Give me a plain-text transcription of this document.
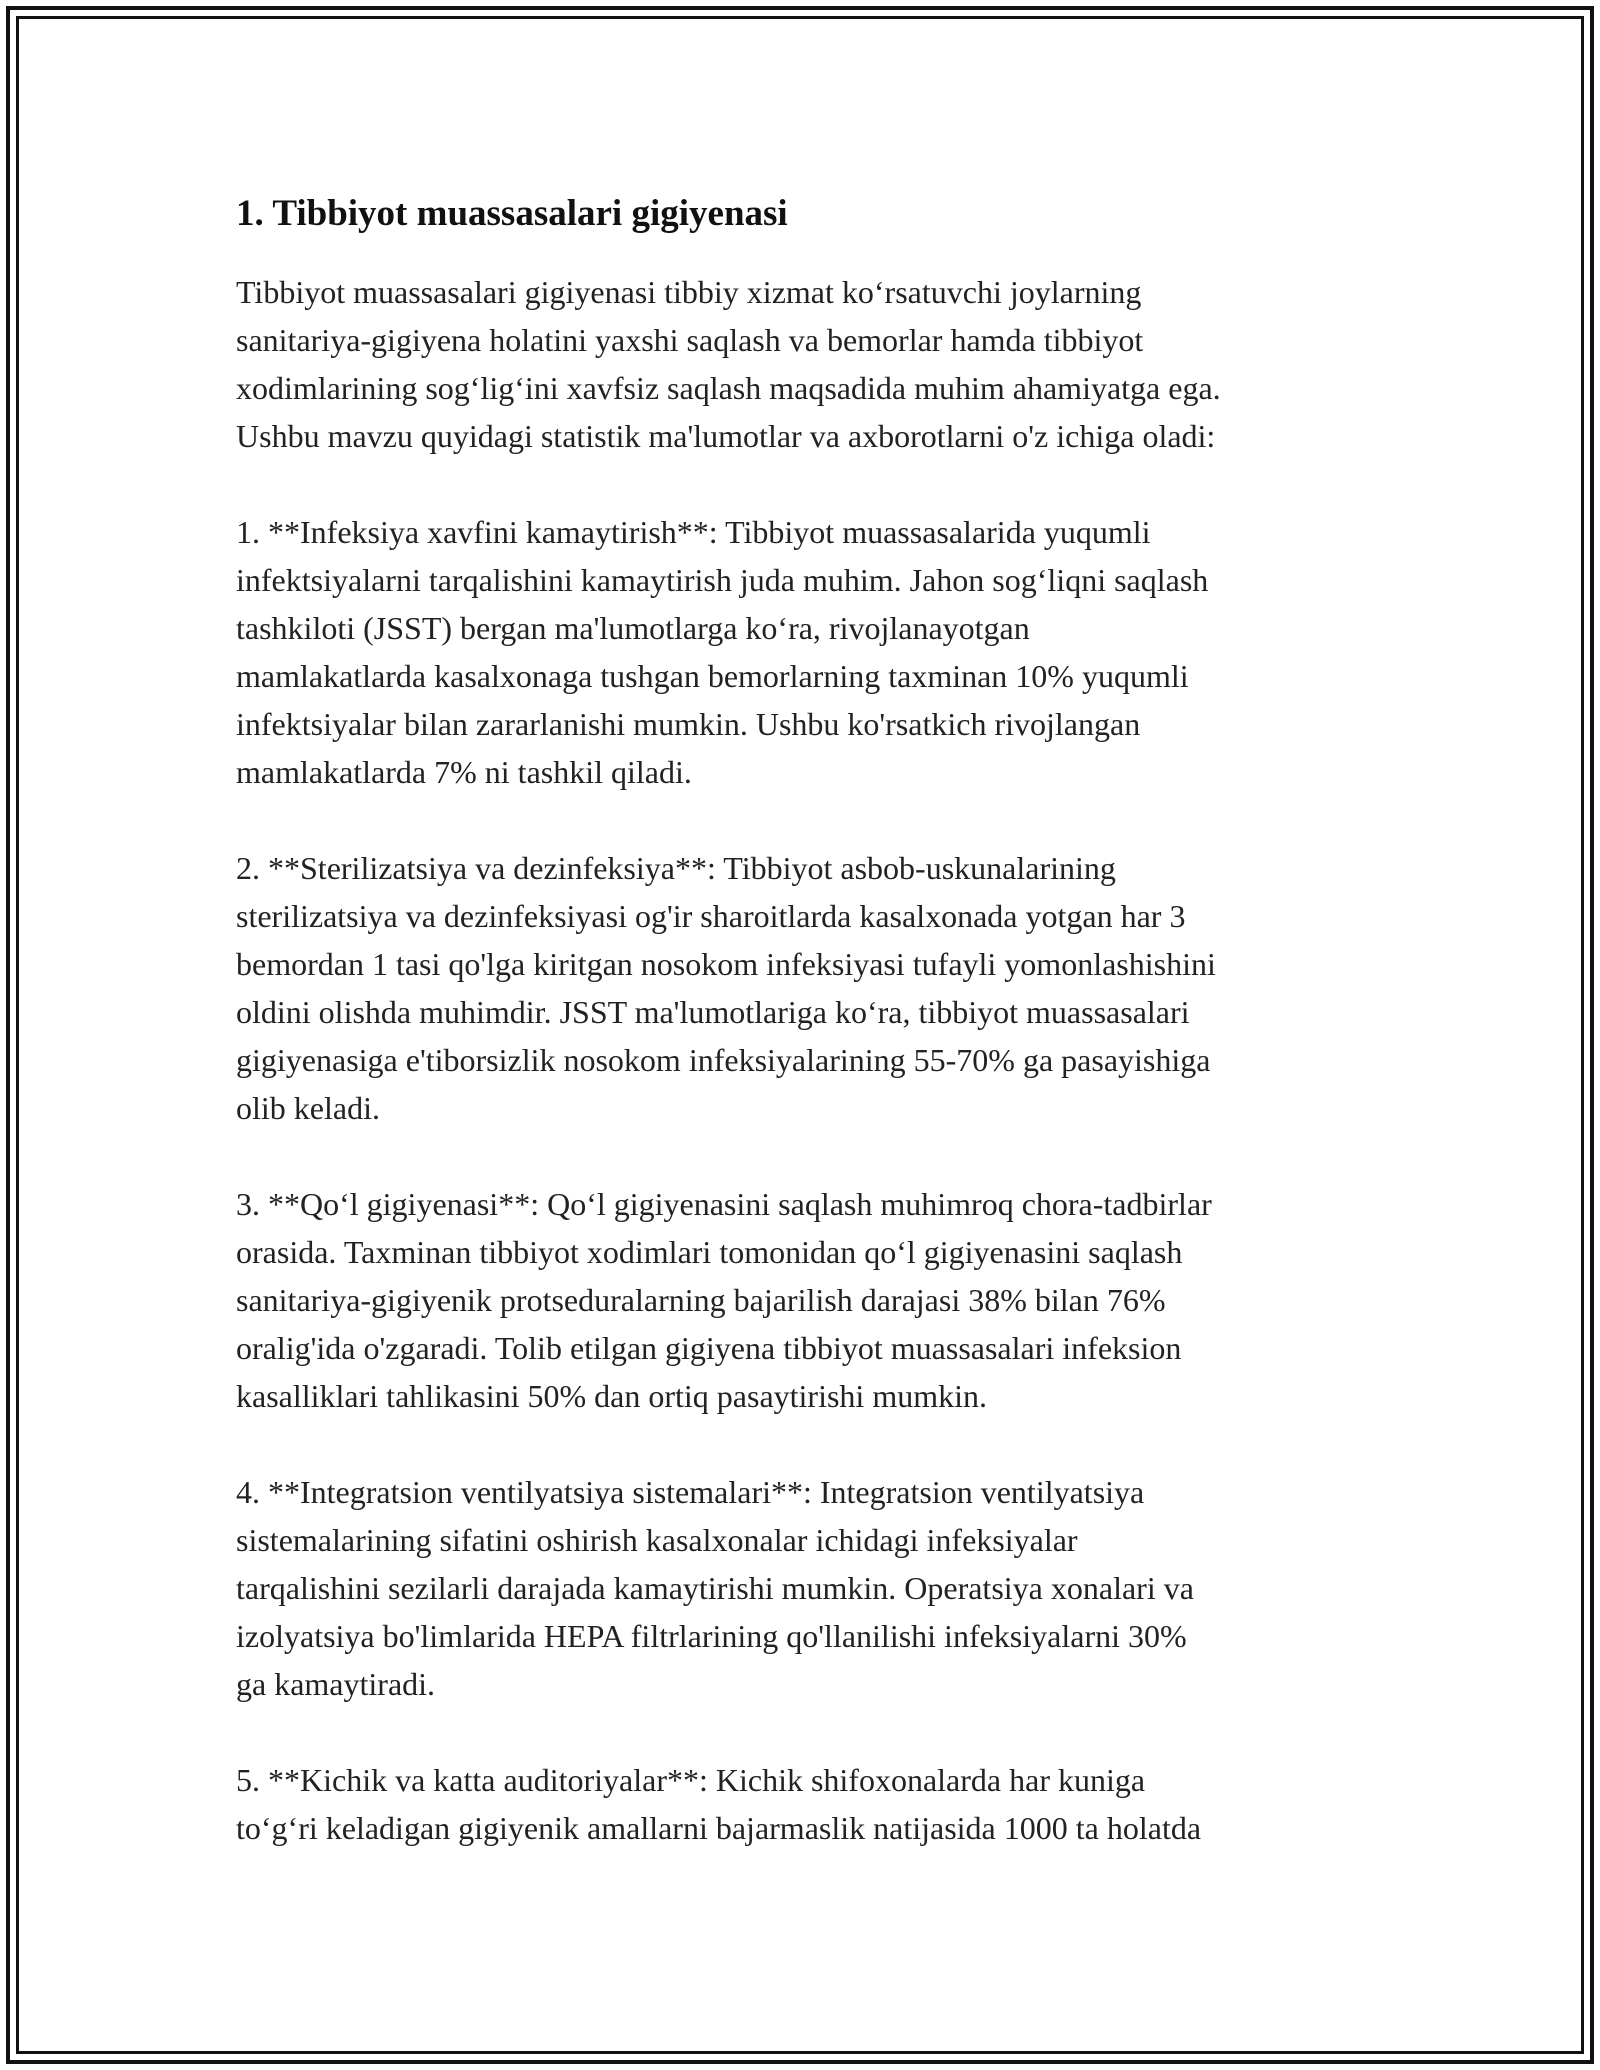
1. Tibbiyot muassasalari gigiyenasi

Tibbiyot muassasalari gigiyenasi tibbiy xizmat ko‘rsatuvchi joylarning
sanitariya-gigiyena holatini yaxshi saqlash va bemorlar hamda tibbiyot
xodimlarining sog‘lig‘ini xavfsiz saqlash maqsadida muhim ahamiyatga ega.
Ushbu mavzu quyidagi statistik ma'lumotlar va axborotlarni o'z ichiga oladi:

1. **Infeksiya xavfini kamaytirish**: Tibbiyot muassasalarida yuqumli
infektsiyalarni tarqalishini kamaytirish juda muhim. Jahon sog‘liqni saqlash
tashkiloti (JSST) bergan ma'lumotlarga ko‘ra, rivojlanayotgan
mamlakatlarda kasalxonaga tushgan bemorlarning taxminan 10% yuqumli
infektsiyalar bilan zararlanishi mumkin. Ushbu ko'rsatkich rivojlangan
mamlakatlarda 7% ni tashkil qiladi.

2. **Sterilizatsiya va dezinfeksiya**: Tibbiyot asbob-uskunalarining
sterilizatsiya va dezinfeksiyasi og'ir sharoitlarda kasalxonada yotgan har 3
bemordan 1 tasi qo'lga kiritgan nosokom infeksiyasi tufayli yomonlashishini
oldini olishda muhimdir. JSST ma'lumotlariga ko‘ra, tibbiyot muassasalari
gigiyenasiga e'tiborsizlik nosokom infeksiyalarining 55-70% ga pasayishiga
olib keladi.

3. **Qo‘l gigiyenasi**: Qo‘l gigiyenasini saqlash muhimroq chora-tadbirlar
orasida. Taxminan tibbiyot xodimlari tomonidan qo‘l gigiyenasini saqlash
sanitariya-gigiyenik protseduralarning bajarilish darajasi 38% bilan 76%
oralig'ida o'zgaradi. Tolib etilgan gigiyena tibbiyot muassasalari infeksion
kasalliklari tahlikasini 50% dan ortiq pasaytirishi mumkin.

4. **Integratsion ventilyatsiya sistemalari**: Integratsion ventilyatsiya
sistemalarining sifatini oshirish kasalxonalar ichidagi infeksiyalar
tarqalishini sezilarli darajada kamaytirishi mumkin. Operatsiya xonalari va
izolyatsiya bo'limlarida HEPA filtrlarining qo'llanilishi infeksiyalarni 30%
ga kamaytiradi.

5. **Kichik va katta auditoriyalar**: Kichik shifoxonalarda har kuniga
to‘g‘ri keladigan gigiyenik amallarni bajarmaslik natijasida 1000 ta holatda
